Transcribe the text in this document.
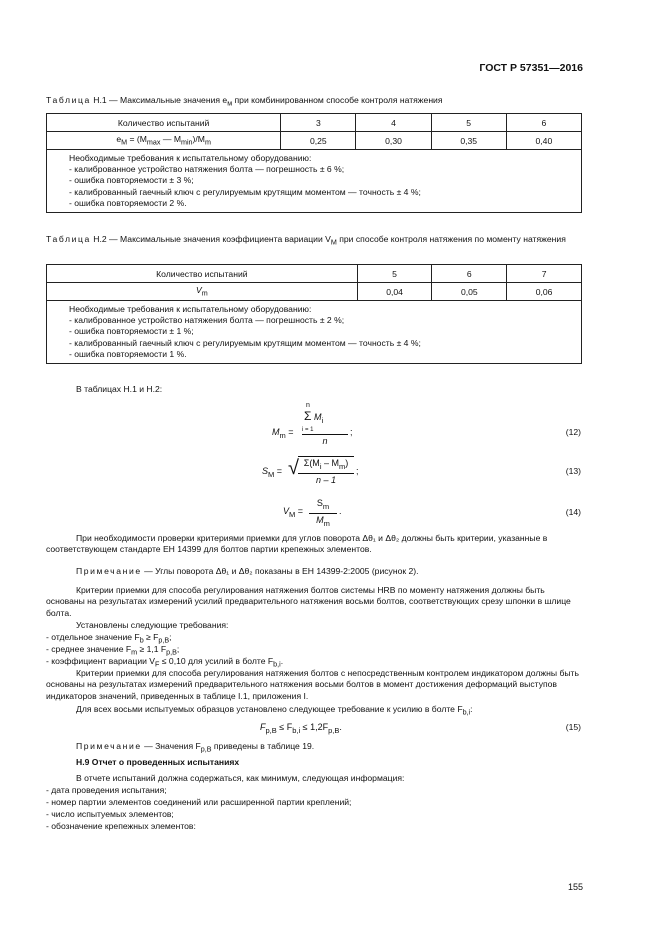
ГОСТ Р 57351—2016
Таблица H.1 — Максимальные значения $e_м$ при комбинированном способе контроля натяжения
Количество испытаний	3	4	5	6
$e_M = (M_{max}$ — $M_{min})/M_m$	0,25	0,30	0,35	0,40

Необходимые требования к испытательному оборудованию:
- калиброванное устройство натяжения болта — погрешность ± 6 %;
- ошибка повторяемости ± 3 %;
- калиброванный гаечный ключ с регулируемым крутящим моментом — точность ± 4 %;
- ошибка повторяемости 2 %.				
Таблица H.2 — Максимальные значения коэффициента вариации $V_M$ при способе контроля натяжения по моменту натяжения
Количество испытаний	5	6	7
$V_m$	0,04	0,05	0,06

Необходимые требования к испытательному оборудованию:
- калиброванное устройство натяжения болта — погрешность ± 2 %;
- ошибка повторяемости ± 1 %;
- калиброванный гаечный ключ с регулируемым крутящим моментом — точность ± 4 %;
- ошибка повторяемости 1 %.			
В таблицах H.1 и H.2:
$M_m$ =
n
Σ $M_i$
i = 1
n
;	(12)
$S_M$ = √ $\Sigma(M_i - M_m)$
n – 1
;	(13)
$V_M$ =
$S_m$
$M_m$
.	(14)
При необходимости проверки критериями приемки для углов поворота Δθ₁ и Δθ₂ должны быть критерии, указанные в соответствующем стандарте ЕН 14399 для болтов партии крепежных элементов.
Примечание — Углы поворота Δθ₁ и Δθ₂ показаны в ЕН 14399-2:2005 (рисунок 2).
Критерии приемки для способа регулирования натяжения болтов системы HRB по моменту натяжения должны быть основаны на результатах измерений усилий предварительного натяжения восьми болтов, соответствующих срезу шпонки в шлице болта.
Установлены следующие требования:
- отдельное значение $F_b \ge F_{p,B}$;
- среднее значение $F_m \ge 1,1$ $F_{p,B}$;
- коэффициент вариации $V_F \le 0,10$ для усилий в болте $F_{b,i}$.
Критерии приемки для способа регулирования натяжения болтов с непосредственным контролем индикатором должны быть основаны на результатах измерений предварительного натяжения восьми болтов в момент достижения деформаций выступов индикаторов значений, приведенных в таблице I.1, приложения I.
Для всех восьми испытуемых образцов установлено следующее требование к усилию в болте $F_{b,i}$:
$F_{p,B} \le F_{b,i} \le 1,2F_{p,B}$.	(15)
Примечание — Значения $F_{p,B}$ приведены в таблице 19.
H.9 Отчет о проведенных испытаниях
В отчете испытаний должна содержаться, как минимум, следующая информация:
- дата проведения испытания;
- номер партии элементов соединений или расширенной партии креплений;
- число испытуемых элементов;
- обозначение крепежных элементов:
155
